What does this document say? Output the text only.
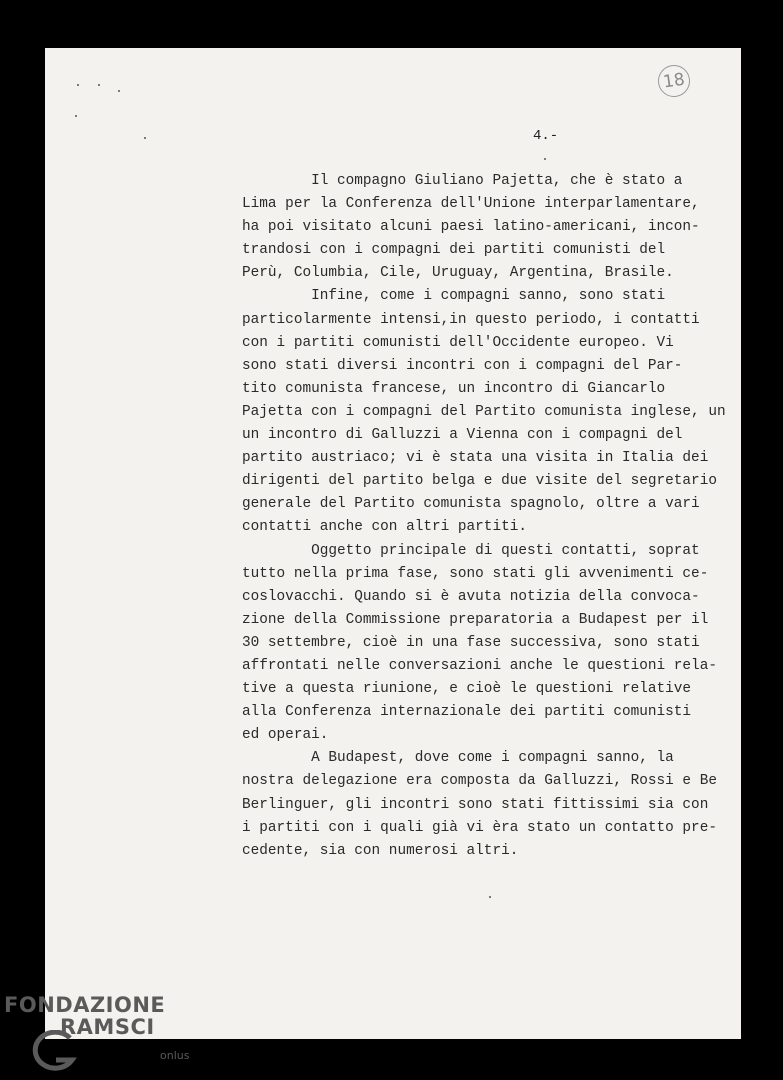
18
4.-
Il compagno Giuliano Pajetta, che è stato a
Lima per la Conferenza dell'Unione interparlamentare,
ha poi visitato alcuni paesi latino-americani, incon-
trandosi con i compagni dei partiti comunisti del
Perù, Columbia, Cile, Uruguay, Argentina, Brasile.
Infine, come i compagni sanno, sono stati
particolarmente intensi,in questo periodo, i contatti
con i partiti comunisti dell'Occidente europeo. Vi
sono stati diversi incontri con i compagni del Par-
tito comunista francese, un incontro di Giancarlo
Pajetta con i compagni del Partito comunista inglese, un
un incontro di Galluzzi a Vienna con i compagni del
partito austriaco; vi è stata una visita in Italia dei
dirigenti del partito belga e due visite del segretario
generale del Partito comunista spagnolo, oltre a vari
contatti anche con altri partiti.
Oggetto principale di questi contatti, soprat
tutto nella prima fase, sono stati gli avvenimenti ce-
coslovacchi. Quando si è avuta notizia della convoca-
zione della Commissione preparatoria a Budapest per il
30 settembre, cioè in una fase successiva, sono stati
affrontati nelle conversazioni anche le questioni rela-
tive a questa riunione, e cioè le questioni relative
alla Conferenza internazionale dei partiti comunisti
ed operai.
A Budapest, dove come i compagni sanno, la
nostra delegazione era composta da Galluzzi, Rossi e Be
Berlinguer, gli incontri sono stati fittissimi sia con
i partiti con i quali già vi èra stato un contatto pre-
cedente, sia con numerosi altri.
FONDAZIONE
RAMSCI
onlus
